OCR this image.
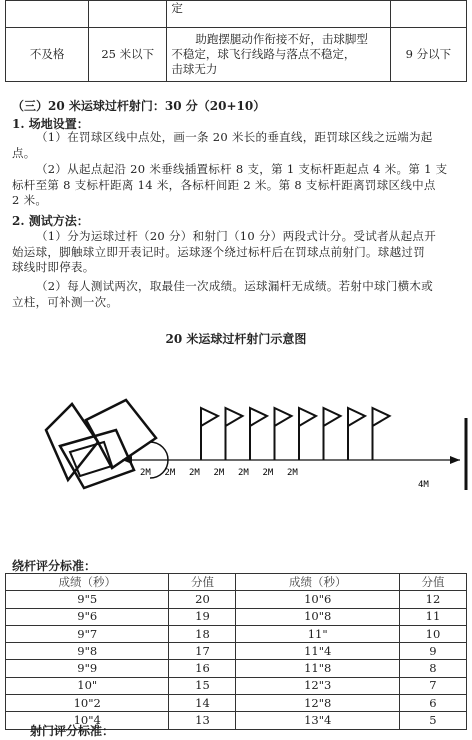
		定	
不及格	25 米以下	助跑摆腿动作衔接不好，击球脚型
不稳定，球飞行线路与落点不稳定，
击球无力	9 分以下
（三）20 米运球过杆射门：30 分（20+10）
1. 场地设置：
（1）在罚球区线中点处，画一条 20 米长的垂直线，距罚球区线之远端为起
点。
（2）从起点起沿 20 米垂线插置标杆 8 支，第 1 支标杆距起点 4 米。第 1 支
标杆至第 8 支标杆距离 14 米，各标杆间距 2 米。第 8 支标杆距离罚球区线中点
2 米。
2. 测试方法：
（1）分为运球过杆（20 分）和射门（10 分）两段式计分。受试者从起点开
始运球，脚触球立即开表记时。运球逐个绕过标杆后在罚球点前射门。球越过罚
球线时即停表。
（2）每人测试两次，取最佳一次成绩。运球漏杆无成绩。若射中球门横木或
立柱，可补测一次。
20 米运球过杆射门示意图
2M 2M 2M 2M 2M 2M 2M
4M
绕杆评分标准：
成绩（秒）	分值	成绩（秒）	分值
9"5	20	10"6	12
9"6	19	10"8	11
9"7	18	11"	10
9"8	17	11"4	9
9"9	16	11"8	8
10"	15	12"3	7
10"2	14	12"8	6
10"4	13	13"4	5
射门评分标准：
